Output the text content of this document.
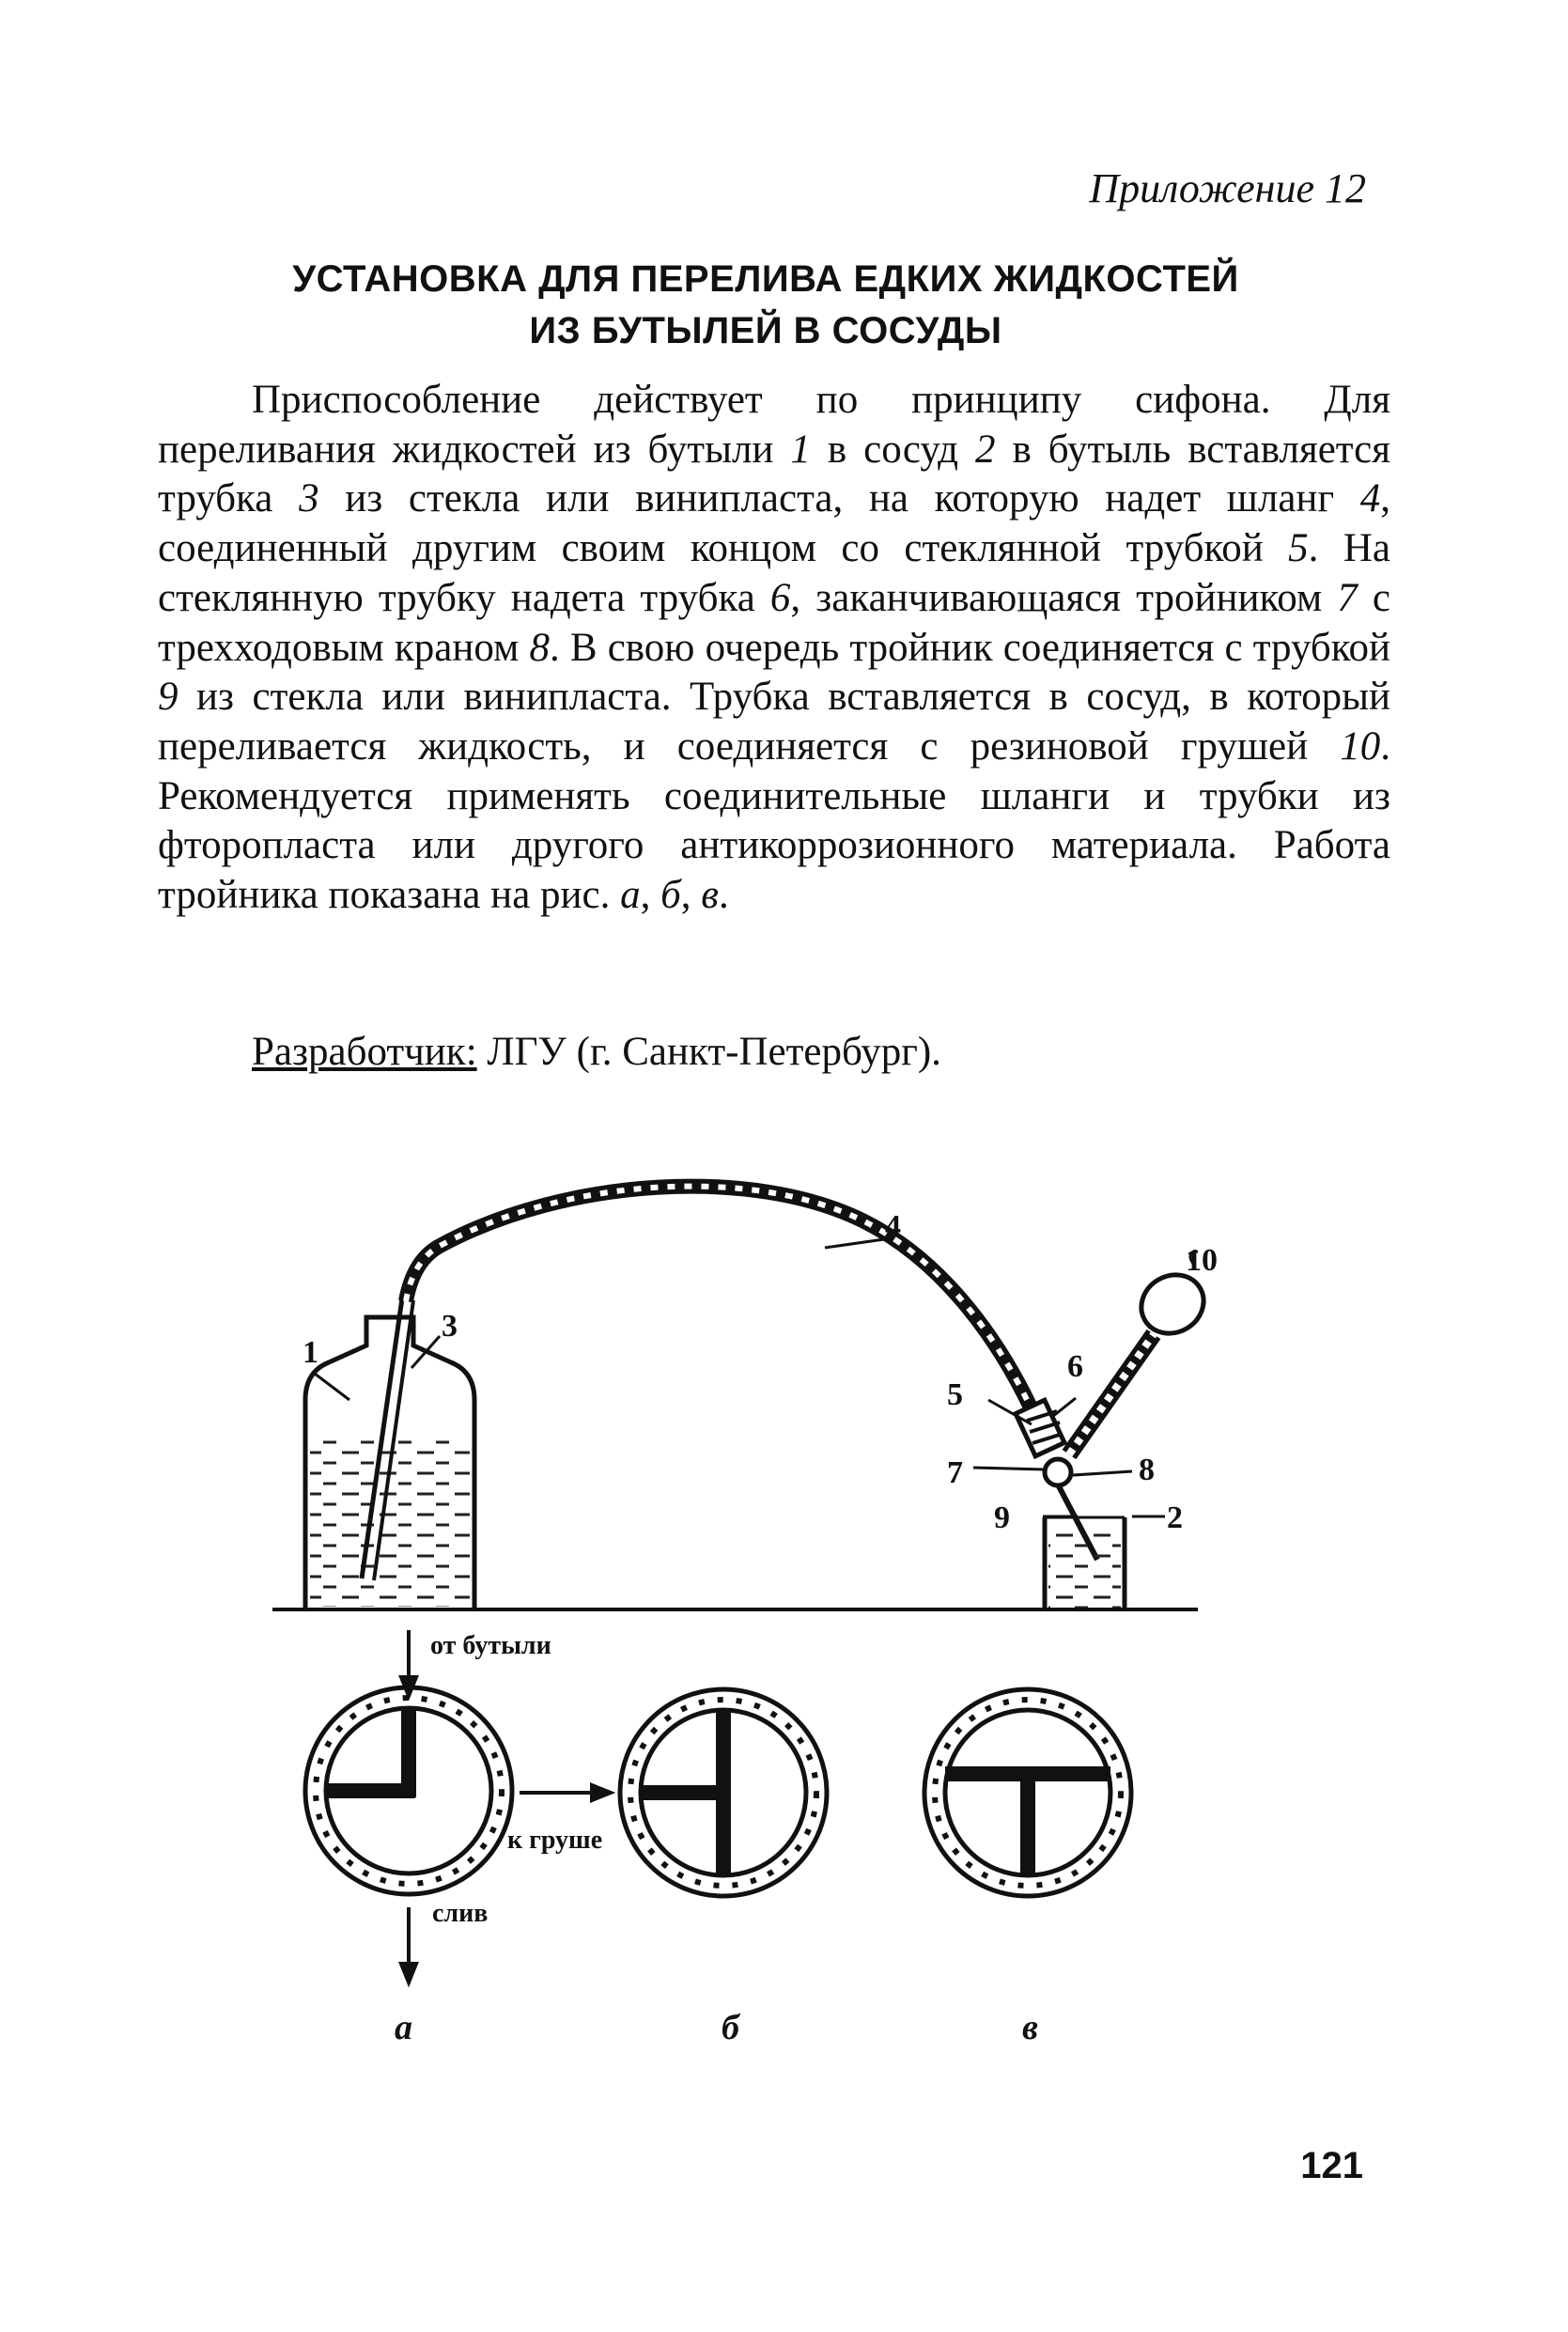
Приложение 12
УСТАНОВКА ДЛЯ ПЕРЕЛИВА ЕДКИХ ЖИДКОСТЕЙ
ИЗ БУТЫЛЕЙ В СОСУДЫ

Приспособление действует по принципу сифона. Для переливания жидкостей из бутыли 1 в сосуд 2 в бутыль вставляется трубка 3 из стекла или винипласта, на которую надет шланг 4, соединенный другим своим концом со стеклянной трубкой 5. На стеклянную трубку надета трубка 6, заканчивающаяся тройником 7 с трехходовым краном 8. В свою очередь тройник соединяется с трубкой 9 из стекла или винипласта. Трубка вставляется в сосуд, в который переливается жидкость, и соединяется с резиновой грушей 10. Рекомендуется применять соединительные шланги и трубки из фторопласта или другого антикоррозионного материала. Работа тройника показана на рис. а, б, в.

Разработчик: ЛГУ (г. Санкт-Петербург).
1
3
4
10
5
6
7	8
9	2
от бутыли
к груше
слив
а	б	в
121
